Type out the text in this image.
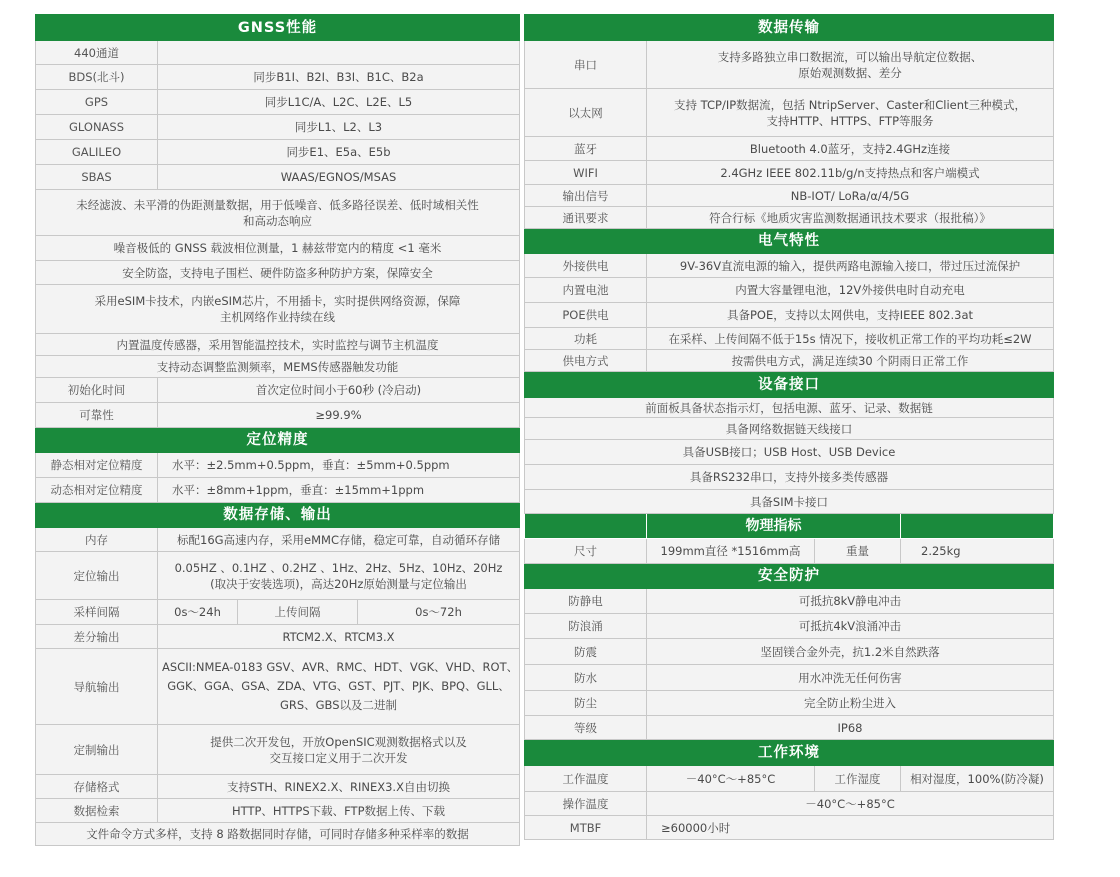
GNSS性能			
440通道			
BDS(北斗)	同步B1I、B2I、B3I、B1C、B2a		
GPS	同步L1C/A、L2C、L2E、L5		
GLONASS	同步L1、L2、L3		
GALILEO	同步E1、E5a、E5b		
SBAS	WAAS/EGNOS/MSAS		

未经滤波、未平滑的伪距测量数据，用于低噪音、低多路径误差、低时域相关性
和高动态响应			

噪音极低的 GNSS 载波相位测量，1 赫兹带宽内的精度 <1 毫米			
安全防盗，支持电子围栏、硬件防盗多种防护方案，保障安全			

采用eSIM卡技术，内嵌eSIM芯片，不用插卡，实时提供网络资源，保障
主机网络作业持续在线			

内置温度传感器，采用智能温控技术，实时监控与调节主机温度			
支持动态调整监测频率，MEMS传感器触发功能			
初始化时间	首次定位时间小于60秒 (冷启动)		
可靠性	≥99.9%		
定位精度			
静态相对定位精度	水平：±2.5mm+0.5ppm，垂直：±5mm+0.5ppm		
动态相对定位精度	水平：±8mm+1ppm，垂直：±15mm+1ppm		
数据存储、输出			
内存	标配16G高速内存，采用eMMC存储，稳定可靠，自动循环存储		
定位输出	0.05HZ 、0.1HZ 、0.2HZ 、1Hz、2Hz、5Hz、10Hz、20Hz
(取决于安装选项)，高达20Hz原始测量与定位输出		

采样间隔	0s～24h	上传间隔	0s～72h
差分输出	RTCM2.X、RTCM3.X		
导航输出	ASCII:NMEA-0183 GSV、AVR、RMC、HDT、VGK、VHD、ROT、
GGK、GGA、GSA、ZDA、VTG、GST、PJT、PJK、BPQ、GLL、
GRS、GBS以及二进制		

定制输出	提供二次开发包，开放OpenSIC观测数据格式以及
交互接口定义用于二次开发		

存储格式	支持STH、RINEX2.X、RINEX3.X自由切换		
数据检索	HTTP、HTTPS下载、FTP数据上传、下载		
文件命令方式多样，支持 8 路数据同时存储，可同时存储多种采样率的数据			
数据传输			
串口	支持多路独立串口数据流，可以输出导航定位数据、
原始观测数据、差分		

以太网	支持 TCP/IP数据流，包括 NtripServer、Caster和Client三种模式，
支持HTTP、HTTPS、FTP等服务		

蓝牙	Bluetooth 4.0蓝牙，支持2.4GHz连接		
WIFI	2.4GHz IEEE 802.11b/g/n支持热点和客户端模式		
输出信号	NB-IOT/ LoRa/α/4/5G		
通讯要求	符合行标《地质灾害监测数据通讯技术要求（报批稿）》		
电气特性			
外接供电	9V-36V直流电源的输入，提供两路电源输入接口，带过压过流保护		
内置电池	内置大容量锂电池，12V外接供电时自动充电		
POE供电	具备POE，支持以太网供电，支持IEEE 802.3at		
功耗	在采样、上传间隔不低于15s 情况下，接收机正常工作的平均功耗≤2W		
供电方式	按需供电方式，满足连续30 个阴雨日正常工作		
设备接口			
前面板具备状态指示灯，包括电源、蓝牙、记录、数据链			
具备网络数据链天线接口			
具备USB接口；USB Host、USB Device			
具备RS232串口，支持外接多类传感器			
具备SIM卡接口			
	物理指标		
尺寸	199mm直径 *1516mm高	重量	2.25kg
安全防护			
防静电	可抵抗8kV静电冲击		
防浪涌	可抵抗4kV浪涌冲击		
防震	坚固镁合金外壳，抗1.2米自然跌落		
防水	用水冲洗无任何伤害		
防尘	完全防止粉尘进入		
等级	IP68		
工作环境			
工作温度	－40°C～+85°C	工作湿度	相对湿度，100%(防冷凝)
操作温度	－40°C～+85°C		
MTBF	≥60000小时		
